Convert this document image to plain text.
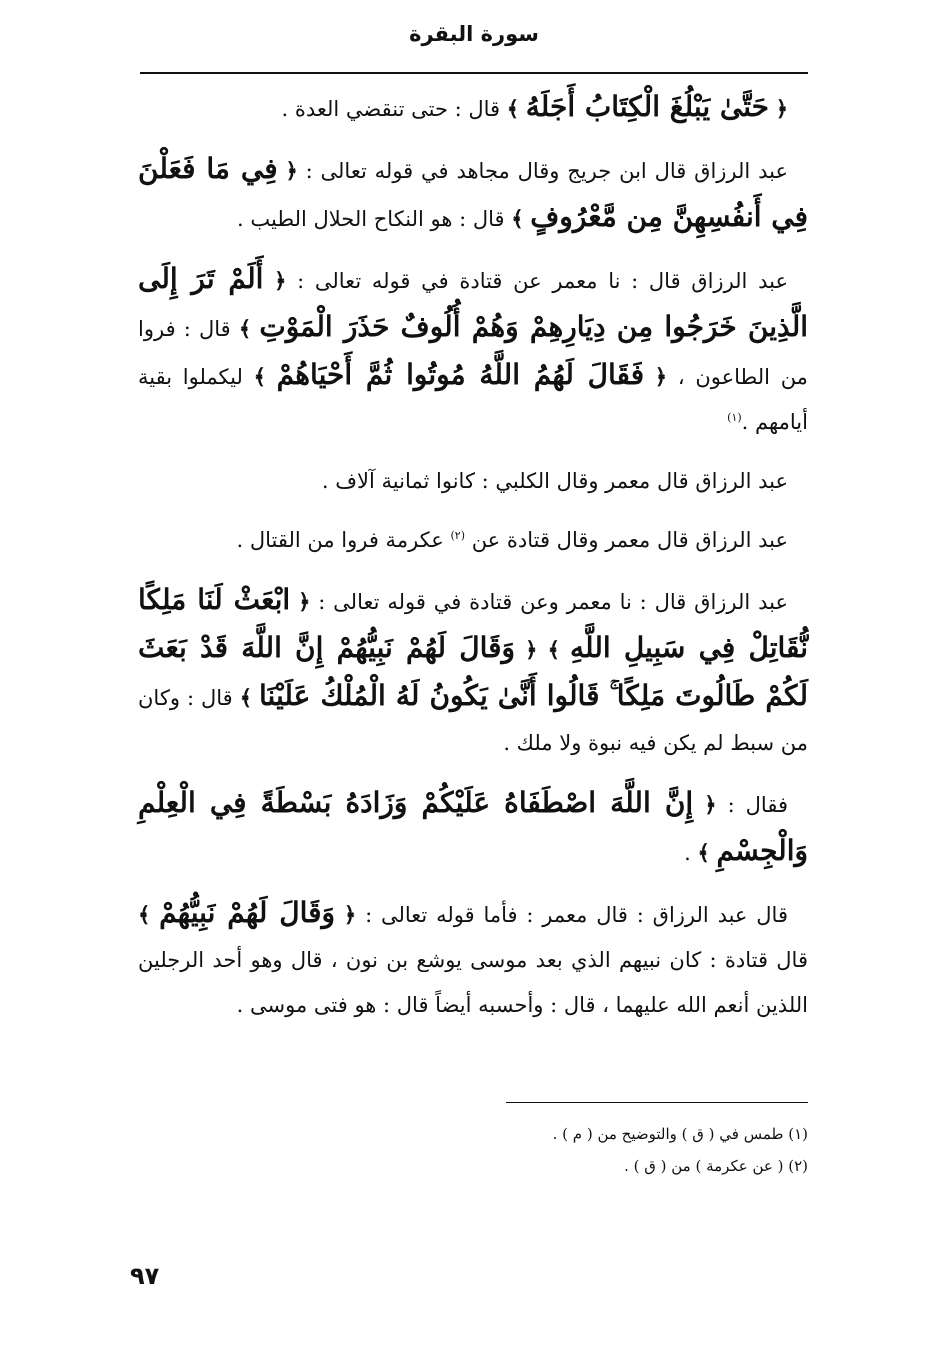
سورة البقرة

﴿ حَتَّىٰ يَبْلُغَ الْكِتَابُ أَجَلَهُ ﴾ قال : حتى تنقضي العدة .

عبد الرزاق قال ابن جريج وقال مجاهد في قوله تعالى : ﴿ فِي مَا فَعَلْنَ فِي أَنفُسِهِنَّ مِن مَّعْرُوفٍ ﴾ قال : هو النكاح الحلال الطيب .

عبد الرزاق قال : نا معمر عن قتادة في قوله تعالى : ﴿ أَلَمْ تَرَ إِلَى الَّذِينَ خَرَجُوا مِن دِيَارِهِمْ وَهُمْ أُلُوفٌ حَذَرَ الْمَوْتِ ﴾ قال : فروا من الطاعون ، ﴿ فَقَالَ لَهُمُ اللَّهُ مُوتُوا ثُمَّ أَحْيَاهُمْ ﴾ ليكملوا بقية أيامهم .$^{(١)}$

عبد الرزاق قال معمر وقال الكلبي : كانوا ثمانية آلاف .

عبد الرزاق قال معمر وقال قتادة عن $^{(٢)}$ عكرمة فروا من القتال .

عبد الرزاق قال : نا معمر وعن قتادة في قوله تعالى : ﴿ ابْعَثْ لَنَا مَلِكًا نُّقَاتِلْ فِي سَبِيلِ اللَّهِ ﴾ ﴿ وَقَالَ لَهُمْ نَبِيُّهُمْ إِنَّ اللَّهَ قَدْ بَعَثَ لَكُمْ طَالُوتَ مَلِكًا ۚ قَالُوا أَنَّىٰ يَكُونُ لَهُ الْمُلْكُ عَلَيْنَا ﴾ قال : وكان من سبط لم يكن فيه نبوة ولا ملك .

فقال : ﴿ إِنَّ اللَّهَ اصْطَفَاهُ عَلَيْكُمْ وَزَادَهُ بَسْطَةً فِي الْعِلْمِ وَالْجِسْمِ ﴾ .

قال عبد الرزاق : قال معمر : فأما قوله تعالى : ﴿ وَقَالَ لَهُمْ نَبِيُّهُمْ ﴾ قال قتادة : كان نبيهم الذي بعد موسى يوشع بن نون ، قال وهو أحد الرجلين اللذين أنعم الله عليهما ، قال : وأحسبه أيضاً قال : هو فتى موسى .

(١) طمس في ( ق ) والتوضيح من ( م ) .
(٢) ( عن عكرمة ) من ( ق ) .
٩٧
